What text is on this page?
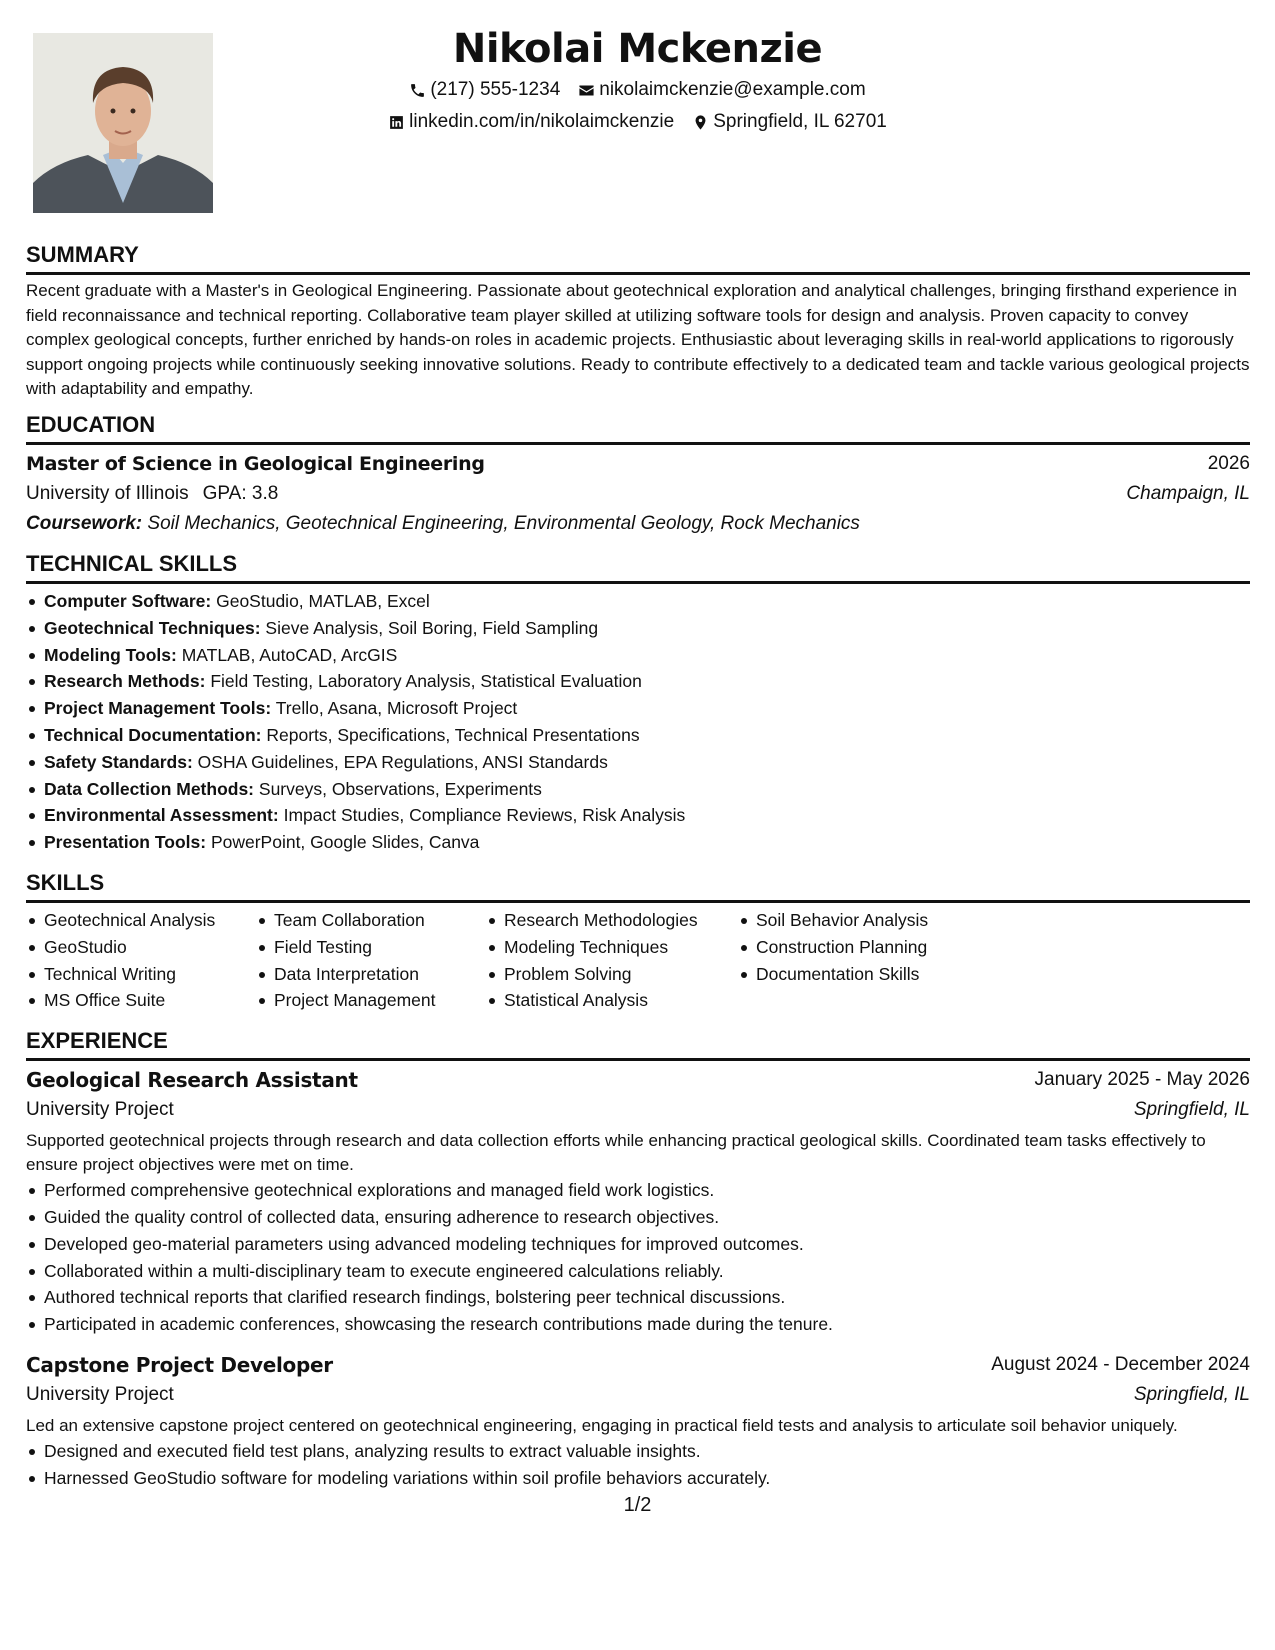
Nikolai Mckenzie
(217) 555-1234 nikolaimckenzie@example.com
linkedin.com/in/nikolaimckenzie Springfield, IL 62701
SUMMARY
Recent graduate with a Master's in Geological Engineering. Passionate about geotechnical exploration and analytical challenges, bringing firsthand experience in field reconnaissance and technical reporting. Collaborative team player skilled at utilizing software tools for design and analysis. Proven capacity to convey complex geological concepts, further enriched by hands-on roles in academic projects. Enthusiastic about leveraging skills in real-world applications to rigorously support ongoing projects while continuously seeking innovative solutions. Ready to contribute effectively to a dedicated team and tackle various geological projects with adaptability and empathy.
EDUCATION
Master of Science in Geological Engineering	2026
University of Illinois GPA: 3.8	Champaign, IL
Coursework: Soil Mechanics, Geotechnical Engineering, Environmental Geology, Rock Mechanics
TECHNICAL SKILLS
Computer Software: GeoStudio, MATLAB, Excel
Geotechnical Techniques: Sieve Analysis, Soil Boring, Field Sampling
Modeling Tools: MATLAB, AutoCAD, ArcGIS
Research Methods: Field Testing, Laboratory Analysis, Statistical Evaluation
Project Management Tools: Trello, Asana, Microsoft Project
Technical Documentation: Reports, Specifications, Technical Presentations
Safety Standards: OSHA Guidelines, EPA Regulations, ANSI Standards
Data Collection Methods: Surveys, Observations, Experiments
Environmental Assessment: Impact Studies, Compliance Reviews, Risk Analysis
Presentation Tools: PowerPoint, Google Slides, Canva
SKILLS
Geotechnical Analysis
GeoStudio
Technical Writing
MS Office Suite
Team Collaboration
Field Testing
Data Interpretation
Project Management
Research Methodologies
Modeling Techniques
Problem Solving
Statistical Analysis
Soil Behavior Analysis
Construction Planning
Documentation Skills
EXPERIENCE
Geological Research Assistant	January 2025 - May 2026
University Project	Springfield, IL
Supported geotechnical projects through research and data collection efforts while enhancing practical geological skills. Coordinated team tasks effectively to ensure project objectives were met on time.
Performed comprehensive geotechnical explorations and managed field work logistics.
Guided the quality control of collected data, ensuring adherence to research objectives.
Developed geo-material parameters using advanced modeling techniques for improved outcomes.
Collaborated within a multi-disciplinary team to execute engineered calculations reliably.
Authored technical reports that clarified research findings, bolstering peer technical discussions.
Participated in academic conferences, showcasing the research contributions made during the tenure.
Capstone Project Developer	August 2024 - December 2024
University Project	Springfield, IL
Led an extensive capstone project centered on geotechnical engineering, engaging in practical field tests and analysis to articulate soil behavior uniquely.
Designed and executed field test plans, analyzing results to extract valuable insights.
Harnessed GeoStudio software for modeling variations within soil profile behaviors accurately.
1/2
